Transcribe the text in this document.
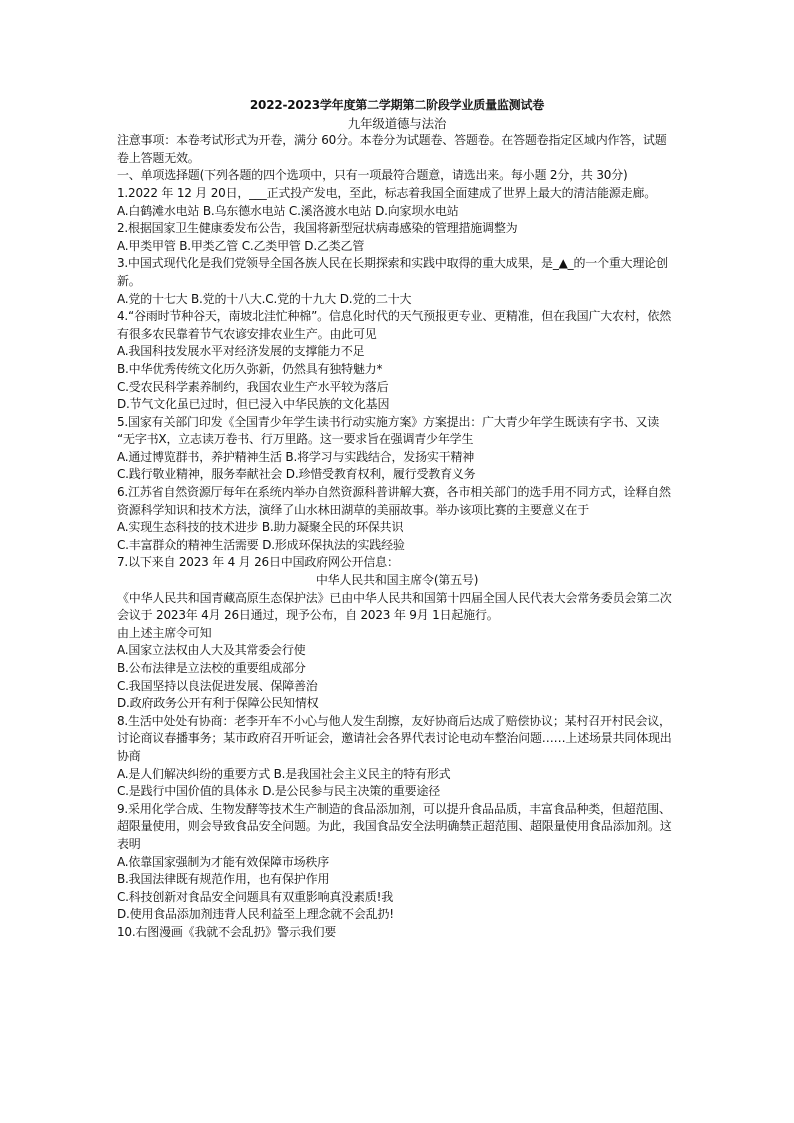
2022-2023学年度第二学期第二阶段学业质量监测试卷
九年级道德与法治

注意事项：本卷考试形式为开卷，满分 60分。本卷分为试题卷、答题卷。在答题卷指定区域内作答，试题卷上答题无效。

一、单项选择题(下列各题的四个选项中，只有一项最符合题意，请选出来。每小题 2分，共 30分)

1.2022 年 12 月 20日，___正式投产发电，至此，标志着我国全面建成了世界上最大的清洁能源走廊。

A.白鹤滩水电站 B.乌东德水电站 C.溪洛渡水电站 D.向家坝水电站

2.根据国家卫生健康委发布公告，我国将新型冠状病毒感染的管理措施调整为

A.甲类甲管 B.甲类乙管 C.乙类甲管 D.乙类乙管

3.中国式现代化是我们党领导全国各族人民在长期探索和实践中取得的重大成果，是_▲_的一个重大理论创新。

A.党的十七大 B.党的十八大.C.党的十九大 D.党的二十大

4.“谷雨时节种谷天，南坡北洼忙种棉”。信息化时代的天气预报更专业、更精准，但在我国广大农村，依然有很多农民靠着节气农谚安排农业生产。由此可见

A.我国科技发展水平对经济发展的支撑能力不足

B.中华优秀传统文化历久弥新，仍然具有独特魅力*

C.受农民科学素养制约，我国农业生产水平较为落后

D.节气文化虽已过时，但已浸入中华民族的文化基因

5.国家有关部门印发《全国青少年学生读书行动实施方案》方案提出：广大青少年学生既读有字书、又读 “无字书X，立志读万卷书、行万里路。这一要求旨在强调青少年学生

A.通过博览群书，养护精神生活 B.将学习与实践结合，发扬实干精神

C.践行敬业精神，服务奉献社会 D.珍惜受教育权利，履行受教育义务

6.江苏省自然资源厅每年在系统内举办自然资源科普讲解大赛，各市相关部门的选手用不同方式，诠释自然资源科学知识和技术方法，演绎了山水林田湖草的美丽故事。举办该项比赛的主要意义在于

A.实现生态科技的技术进步 B.助力凝聚全民的环保共识

C.丰富群众的精神生活需要 D.形成环保执法的实践经验

7.以下来自 2023 年 4 月 26日中国政府网公开信息：

中华人民共和国主席令(第五号)

《中华人民共和国青藏高原生态保护法》已由中华人民共和国第十四届全国人民代表大会常务委员会第二次会议于 2023年 4月 26日通过，现予公布，自 2023 年 9月 1日起施行。

由上述主席令可知

A.国家立法权由人大及其常委会行使

B.公布法律是立法校的重要组成部分

C.我国坚持以良法促进发展、保障善治

D.政府政务公开有利于保障公民知情权

8.生活中处处有协商：老李开车不小心与他人发生刮擦，友好协商后达成了赔偿协议；某村召开村民会议，讨论商议春播事务；某市政府召开听证会，邀请社会各界代表讨论电动车整治问题……上述场景共同体现出协商

A.是人们解决纠纷的重要方式 B.是我国社会主义民主的特有形式

C.是践行中国价值的具体永 D.是公民参与民主决策的重要途径

9.采用化学合成、生物发酵等技术生产制造的食品添加剂，可以提升食品品质，丰富食品种类，但超范围、超限量使用，则会导致食品安全问题。为此，我国食品安全法明确禁正超范围、超限量使用食品添加剂。这表明

A.依靠国家强制为才能有效保障市场秩序

B.我国法律既有规范作用，也有保护作用

C.科技创新对食品安全问题具有双重影响真没素质!我

D.使用食品添加剂违背人民利益至上理念就不会乱扔!

10.右图漫画《我就不会乱扔》警示我们要
